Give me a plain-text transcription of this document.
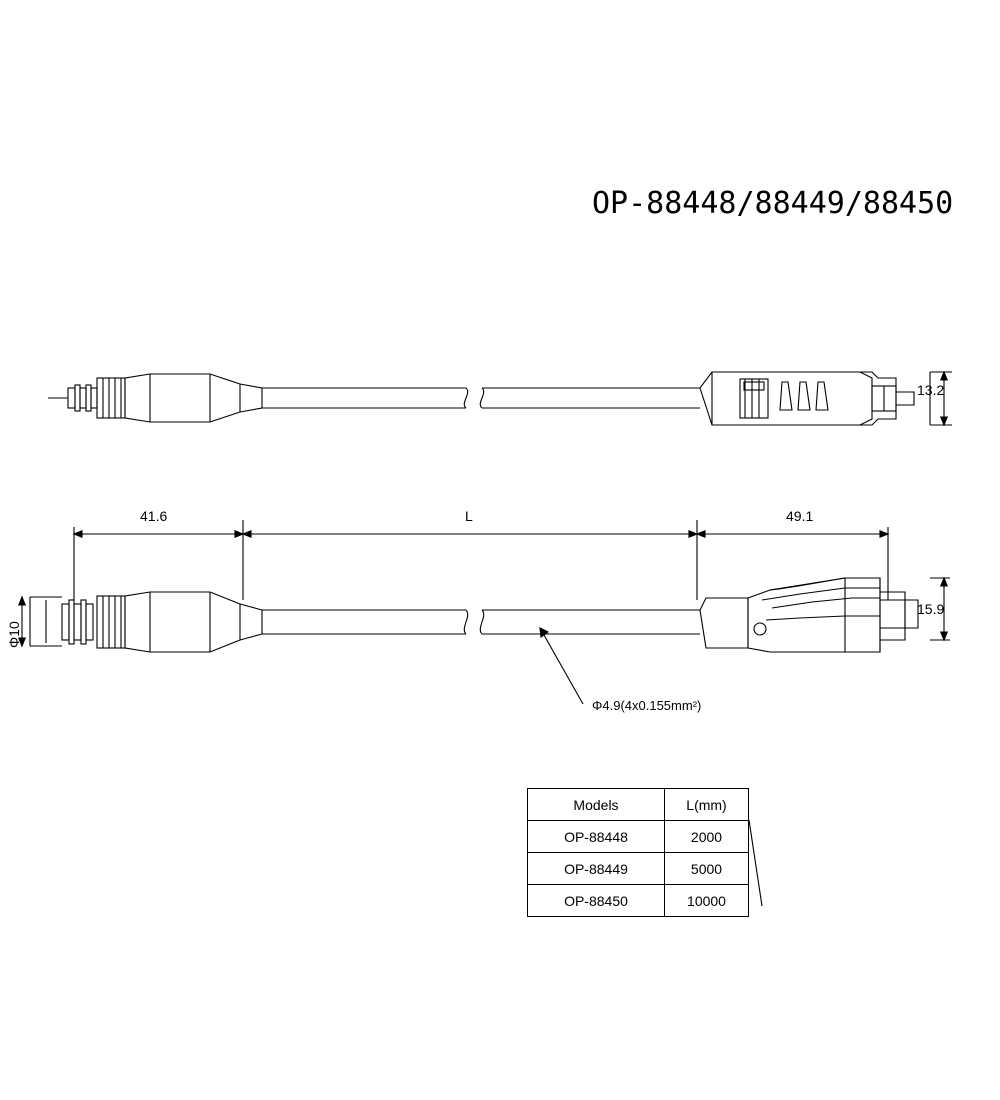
OP-88448/88449/88450
13.2
15.9
41.6	L	49.1
Φ10
Φ4.9(4x0.155mm²)
Models	L(mm)
OP-88448	2000
OP-88449	5000
OP-88450	10000
